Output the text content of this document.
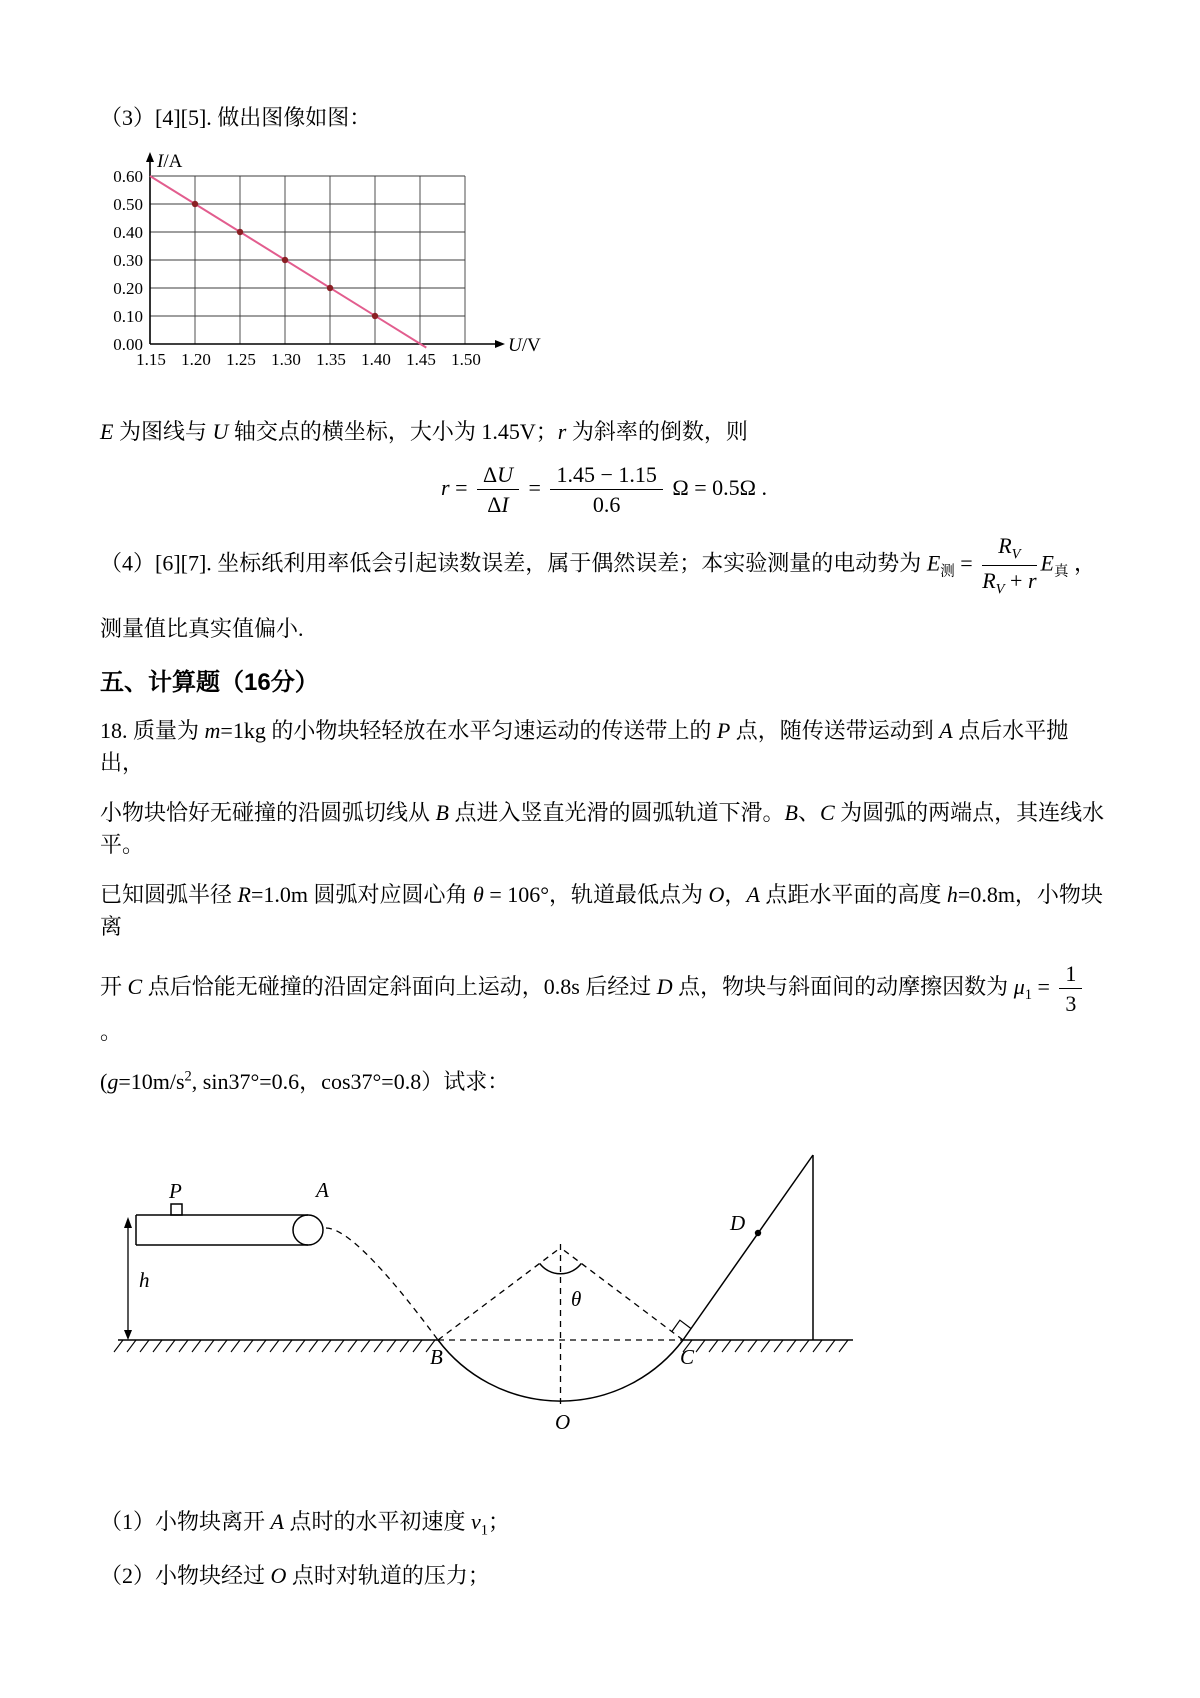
（3）[4][5]. 做出图像如图：

0.00
0.10
0.20
0.30
0.40
0.50
0.60
1.15 1.20 1.25 1.30 1.35 1.40 1.45 1.50
I/A
U/V

E 为图线与 U 轴交点的横坐标，大小为 1.45V；r 为斜率的倒数，则

$r = \frac{\Delta U}{\Delta I} = \frac{1.45 - 1.15}{0.6}$ Ω = 0.5Ω .

（4）[6][7]. 坐标纸利用率低会引起读数误差，属于偶然误差；本实验测量的电动势为 $E_测 = \frac{R_V}{R_V + r} E_真$ ，

测量值比真实值偏小.

五、计算题（16分）

18. 质量为 m=1kg 的小物块轻轻放在水平匀速运动的传送带上的 P 点，随传送带运动到 A 点后水平抛出，

小物块恰好无碰撞的沿圆弧切线从 B 点进入竖直光滑的圆弧轨道下滑。B、C 为圆弧的两端点，其连线水平。

已知圆弧半径 R=1.0m 圆弧对应圆心角 θ = 106°，轨道最低点为 O，A 点距水平面的高度 h=0.8m，小物块离

开 C 点后恰能无碰撞的沿固定斜面向上运动，0.8s 后经过 D 点，物块与斜面间的动摩擦因数为 $\mu_1 = \frac{1}{3}$
。

($g=10m/s^2$, sin37°=0.6，cos37°=0.8）试求：

P	A
h
B	C
O
θ
D

（1）小物块离开 A 点时的水平初速度 $v_1$；

（2）小物块经过 O 点时对轨道的压力；
